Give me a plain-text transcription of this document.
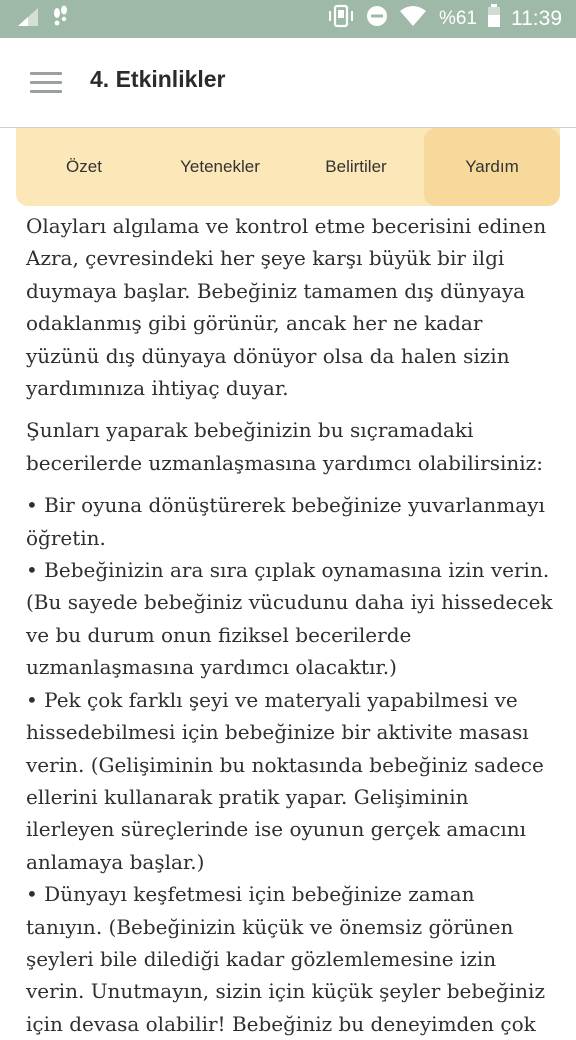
%61 11:39
4. Etkinlikler
Özet	Yetenekler	Belirtiler	Yardım

Olayları algılama ve kontrol etme becerisini edinen Azra, çevresindeki her şeye karşı büyük bir ilgi duymaya başlar. Bebeğiniz tamamen dış dünyaya odaklanmış gibi görünür, ancak her ne kadar yüzünü dış dünyaya dönüyor olsa da halen sizin yardımınıza ihtiyaç duyar.

Şunları yaparak bebeğinizin bu sıçramadaki becerilerde uzmanlaşmasına yardımcı olabilirsiniz:

• Bir oyuna dönüştürerek bebeğinize yuvarlanmayı öğretin.

• Bebeğinizin ara sıra çıplak oynamasına izin verin. (Bu sayede bebeğiniz vücudunu daha iyi hissedecek ve bu durum onun fiziksel becerilerde uzmanlaşmasına yardımcı olacaktır.)

• Pek çok farklı şeyi ve materyali yapabilmesi ve hissedebilmesi için bebeğinize bir aktivite masası verin. (Gelişiminin bu noktasında bebeğiniz sadece ellerini kullanarak pratik yapar. Gelişiminin ilerleyen süreçlerinde ise oyunun gerçek amacını anlamaya başlar.)

• Dünyayı keşfetmesi için bebeğinize zaman tanıyın. (Bebeğinizin küçük ve önemsiz görünen şeyleri bile dilediği kadar gözlemlemesine izin verin. Unutmayın, sizin için küçük şeyler bebeğiniz için devasa olabilir! Bebeğiniz bu deneyimden çok
